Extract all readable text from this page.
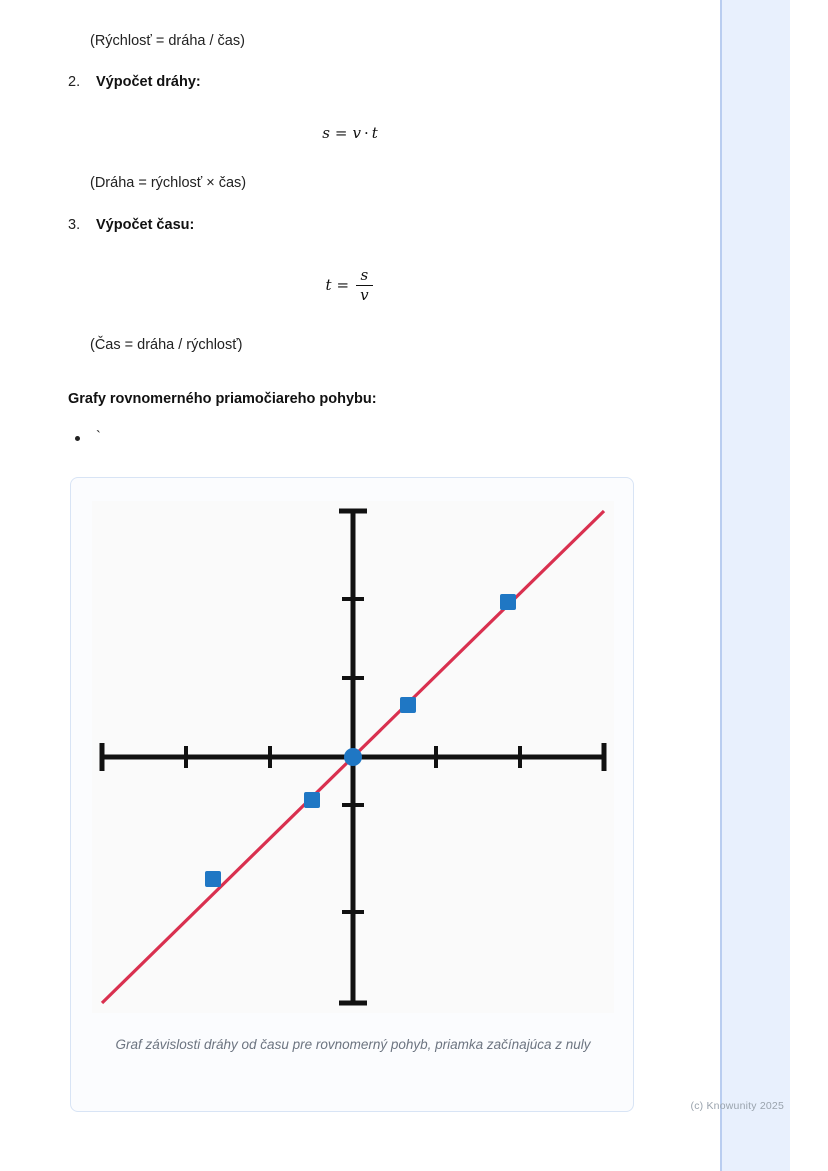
(c) Knowunity 2025
(Rýchlosť = dráha / čas)
2. Výpočet dráhy:
s = v · t
(Dráha = rýchlosť × čas)
3. Výpočet času:
$t = \frac{s}{v}$
(Čas = dráha / rýchlosť)
Grafy rovnomerného priamočiareho pohybu:
`
Graf závislosti dráhy od času pre rovnomerný pohyb, priamka začínajúca z nuly
